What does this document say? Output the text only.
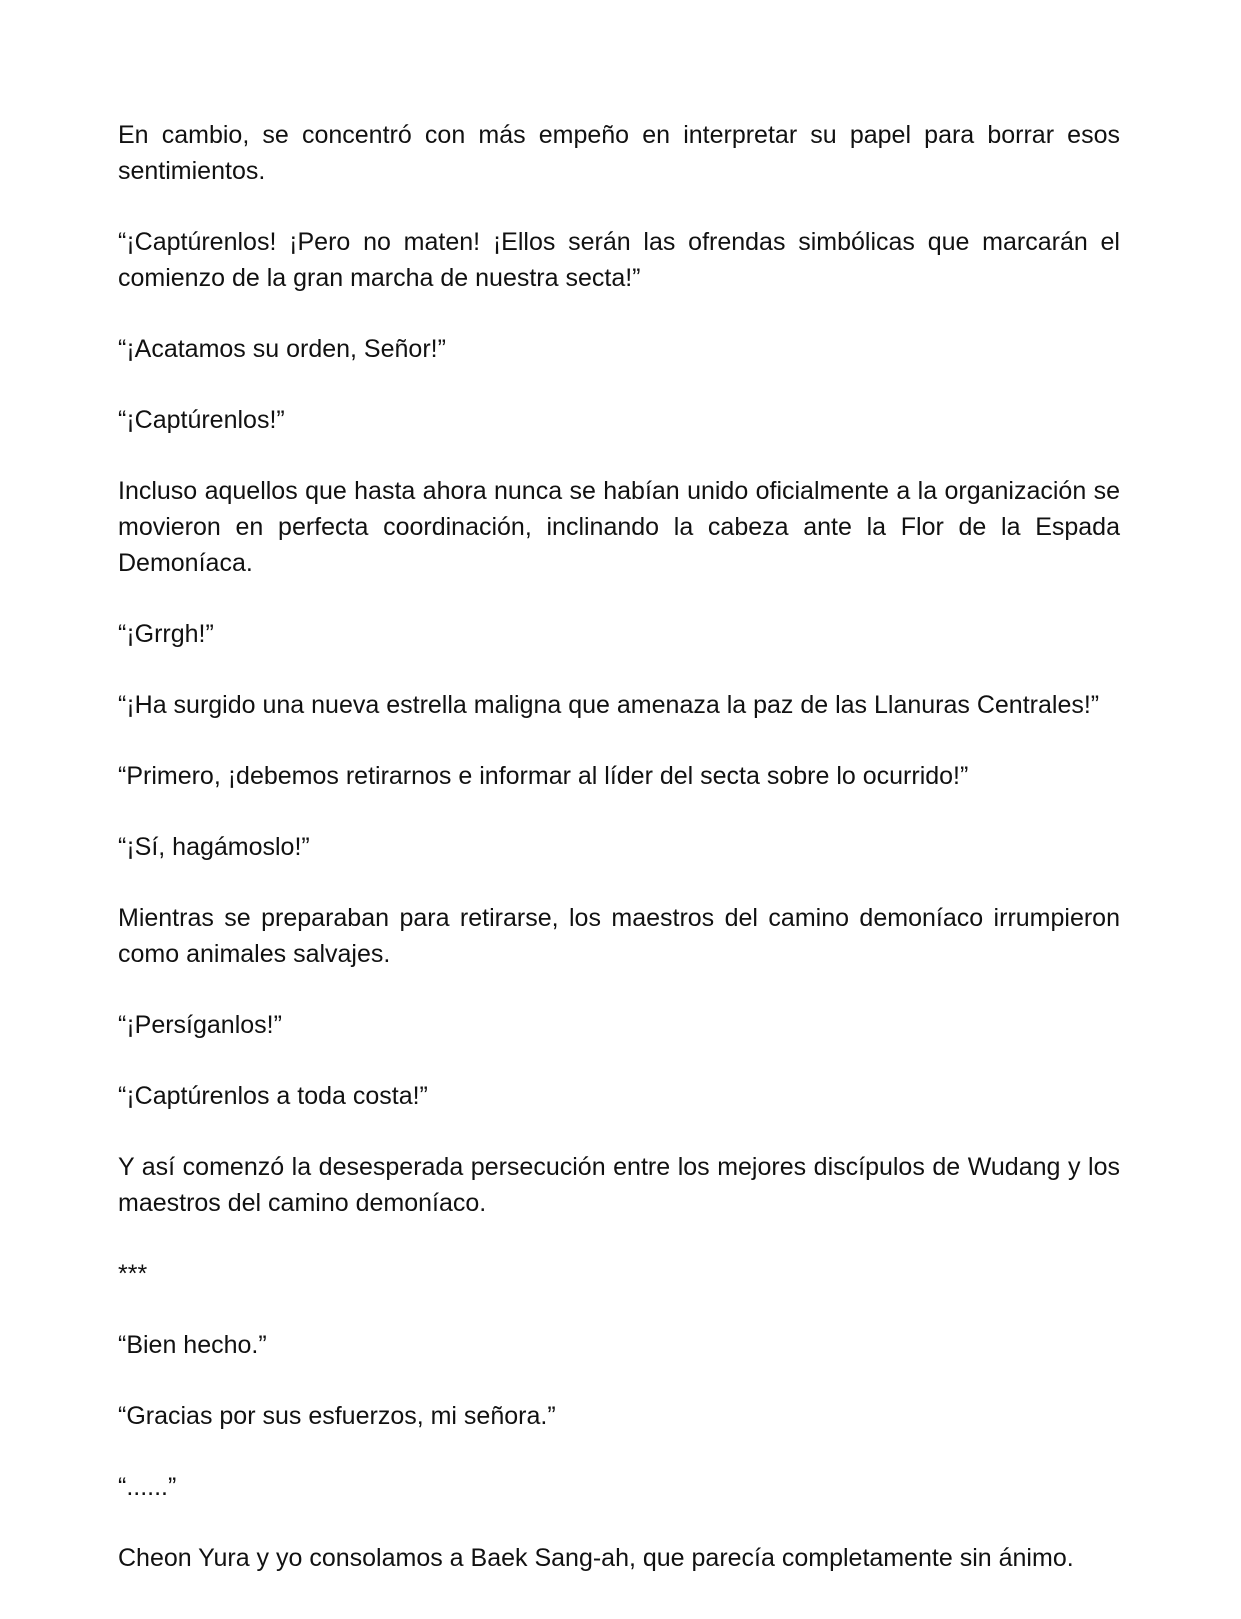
En cambio, se concentró con más empeño en interpretar su papel para borrar esos sentimientos.

“¡Captúrenlos! ¡Pero no maten! ¡Ellos serán las ofrendas simbólicas que marcarán el comienzo de la gran marcha de nuestra secta!”

“¡Acatamos su orden, Señor!”

“¡Captúrenlos!”

Incluso aquellos que hasta ahora nunca se habían unido oficialmente a la organización se movieron en perfecta coordinación, inclinando la cabeza ante la Flor de la Espada Demoníaca.

“¡Grrgh!”

“¡Ha surgido una nueva estrella maligna que amenaza la paz de las Llanuras Centrales!”

“Primero, ¡debemos retirarnos e informar al líder del secta sobre lo ocurrido!”

“¡Sí, hagámoslo!”

Mientras se preparaban para retirarse, los maestros del camino demoníaco irrumpieron como animales salvajes.

“¡Persíganlos!”

“¡Captúrenlos a toda costa!”

Y así comenzó la desesperada persecución entre los mejores discípulos de Wudang y los maestros del camino demoníaco.

***

“Bien hecho.”

“Gracias por sus esfuerzos, mi señora.”

“......”

Cheon Yura y yo consolamos a Baek Sang-ah, que parecía completamente sin ánimo.
